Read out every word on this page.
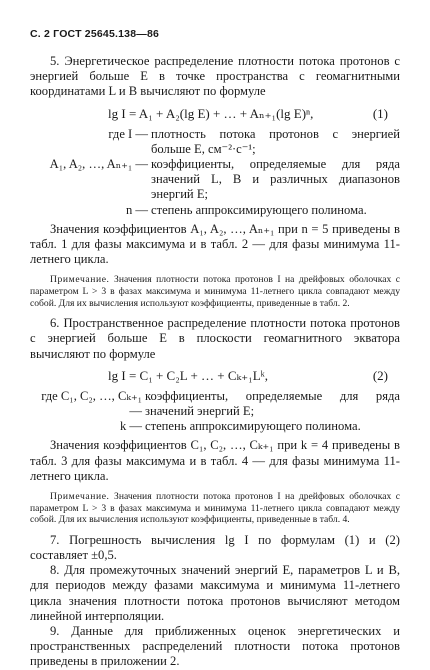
С. 2 ГОСТ 25645.138—86

5. Энергетическое распределение плотности потока протонов с энергией больше E в точке пространства с геомагнитными координатами L и B вычисляют по формуле

lg I = A₁ + A₂(lg E) + … + Aₙ₊₁(lg E)ⁿ,	(1)
где I — плотность потока протонов с энергией больше E, см⁻²·с⁻¹;
A₁, A₂, …, Aₙ₊₁ — коэффициенты, определяемые для ряда значений L, B и различных диапазонов энергий E;
n — степень аппроксимирующего полинома.

Значения коэффициентов A₁, A₂, …, Aₙ₊₁ при n = 5 приведены в табл. 1 для фазы максимума и в табл. 2 — для фазы минимума 11-летнего цикла.

Примечание. Значения плотности потока протонов I на дрейфовых оболочках с параметром L > 3 в фазах максимума и минимума 11-летнего цикла совпадают между собой. Для их вычисления используют коэффициенты, приведенные в табл. 2.

6. Пространственное распределение плотности потока протонов с энергией больше E в плоскости геомагнитного экватора вычисляют по формуле

lg I = C₁ + C₂L + … + Cₖ₊₁Lᵏ,	(2)
где C₁, C₂, …, Cₖ₊₁ —
коэффициенты, определяемые для ряда значений энергий E;
k — степень аппроксимирующего полинома.

Значения коэффициентов C₁, C₂, …, Cₖ₊₁ при k = 4 приведены в табл. 3 для фазы максимума и в табл. 4 — для фазы минимума 11-летнего цикла.

Примечание. Значения плотности потока протонов I на дрейфовых оболочках с параметром L > 3 в фазах максимума и минимума 11-летнего цикла совпадают между собой. Для их вычисления используют коэффициенты, приведенные в табл. 4.

7. Погрешность вычисления lg I по формулам (1) и (2) составляет ±0,5.

8. Для промежуточных значений энергий E, параметров L и B, для периодов между фазами максимума и минимума 11-летнего цикла значения плотности потока протонов вычисляют методом линейной интерполяции.

9. Данные для приближенных оценок энергетических и пространственных распределений плотности потока протонов приведены в приложении 2.
